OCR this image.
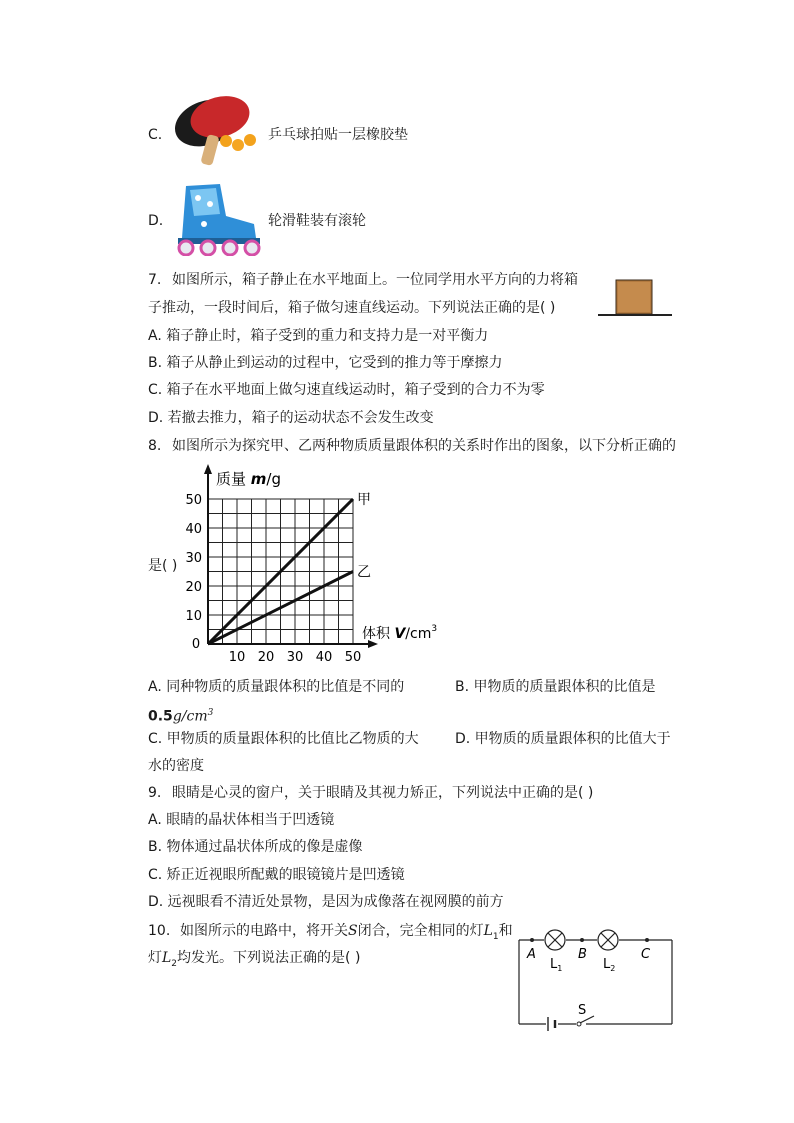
C.	乒乓球拍贴一层橡胶垫
D.	轮滑鞋装有滚轮
7. 如图所示，箱子静止在水平地面上。一位同学用水平方向的力将箱
子推动，一段时间后，箱子做匀速直线运动。下列说法正确的是( )
A. 箱子静止时，箱子受到的重力和支持力是一对平衡力
B. 箱子从静止到运动的过程中，它受到的推力等于摩擦力
C. 箱子在水平地面上做匀速直线运动时，箱子受到的合力不为零
D. 若撤去推力，箱子的运动状态不会发生改变
8. 如图所示为探究甲、乙两种物质质量跟体积的关系时作出的图象，以下分析正确的
是( )
甲
乙
10 20 30 40 50
10
20
30
40
50
质量 m/g
体积 $V/cm^3$
0
A. 同种物质的质量跟体积的比值是不同的	B. 甲物质的质量跟体积的比值是
$0.5g/cm^3$
C. 甲物质的质量跟体积的比值比乙物质的大	D. 甲物质的质量跟体积的比值大于
水的密度
9. 眼睛是心灵的窗户，关于眼睛及其视力矫正，下列说法中正确的是( )
A. 眼睛的晶状体相当于凹透镜
B. 物体通过晶状体所成的像是虚像
C. 矫正近视眼所配戴的眼镜镜片是凹透镜
D. 远视眼看不清近处景物，是因为成像落在视网膜的前方
10. 如图所示的电路中，将开关S闭合，完全相同的灯$L_1$和
灯$L_2$均发光。下列说法正确的是( )	A	B	C
$L_1$	$L_2$
S
